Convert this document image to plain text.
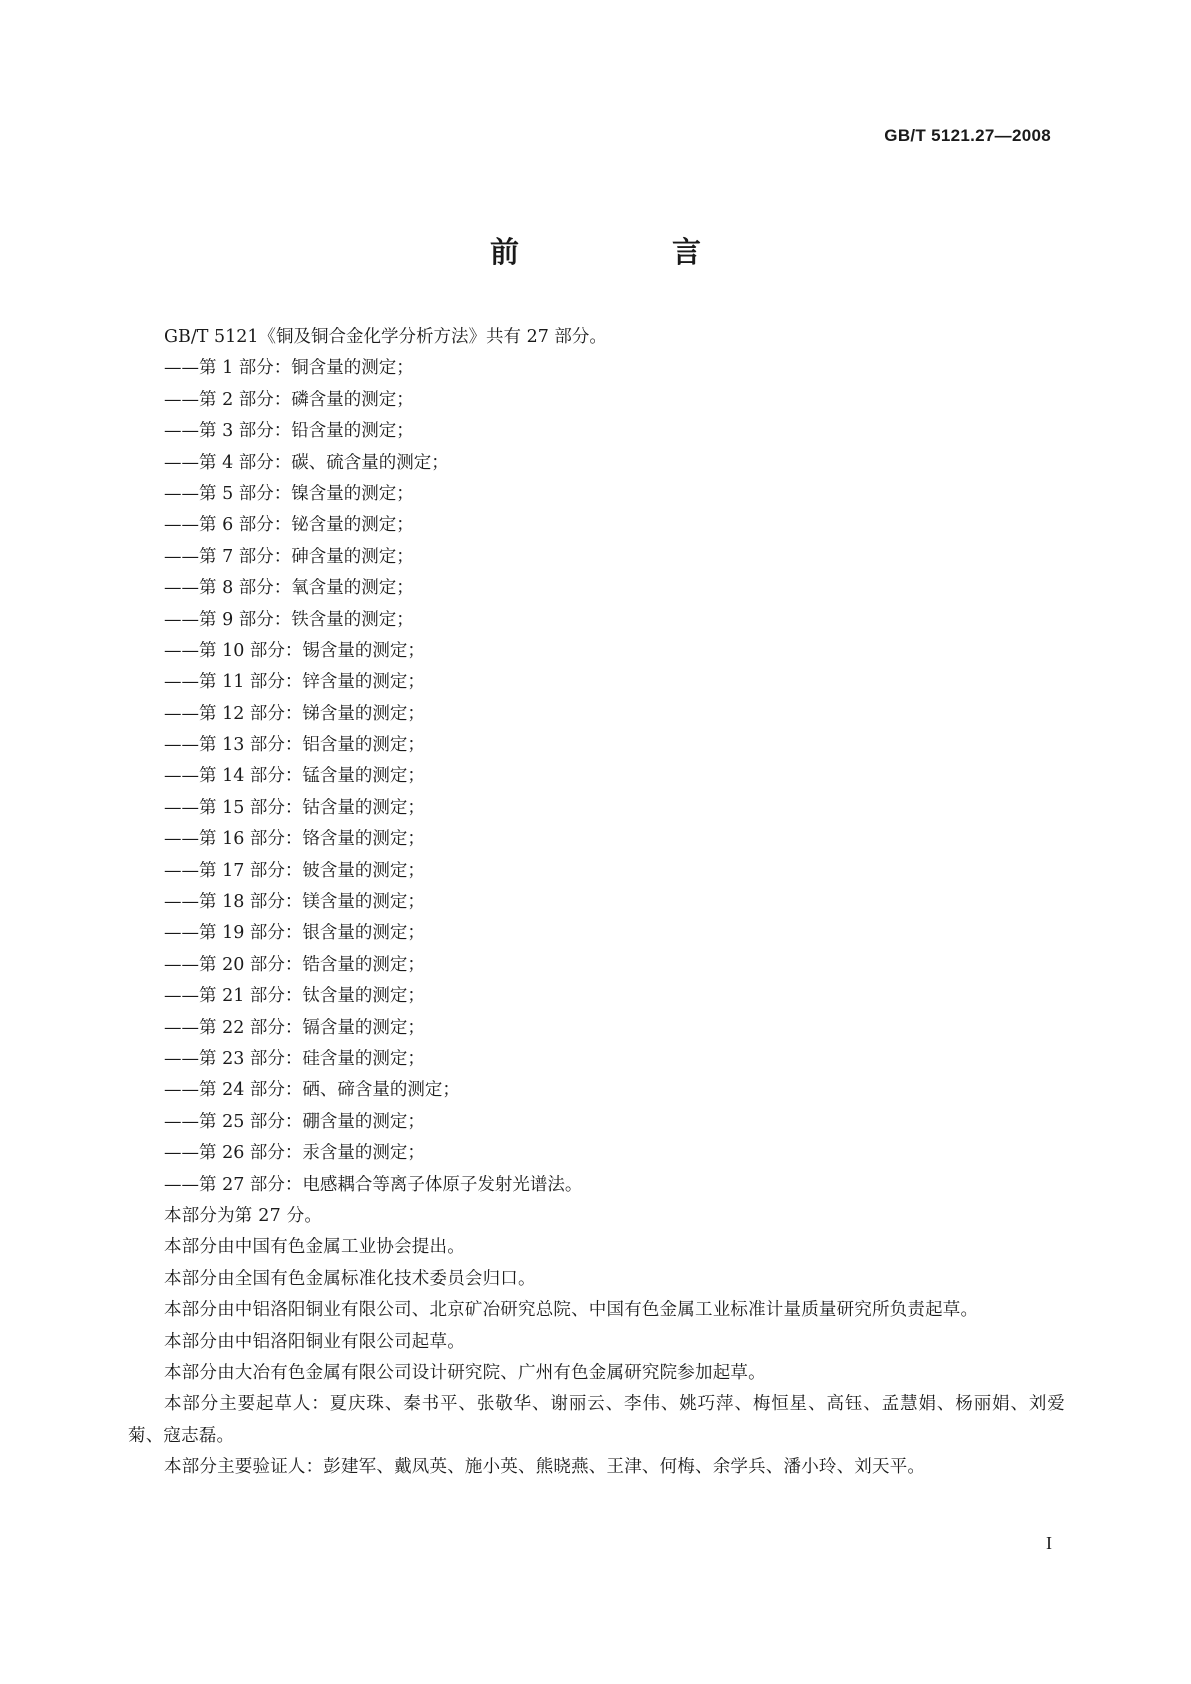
GB/T 5121.27—2008
前　言
GB/T 5121《铜及铜合金化学分析方法》共有 27 部分。
——第 1 部分：铜含量的测定；
——第 2 部分：磷含量的测定；
——第 3 部分：铅含量的测定；
——第 4 部分：碳、硫含量的测定；
——第 5 部分：镍含量的测定；
——第 6 部分：铋含量的测定；
——第 7 部分：砷含量的测定；
——第 8 部分：氧含量的测定；
——第 9 部分：铁含量的测定；
——第 10 部分：锡含量的测定；
——第 11 部分：锌含量的测定；
——第 12 部分：锑含量的测定；
——第 13 部分：铝含量的测定；
——第 14 部分：锰含量的测定；
——第 15 部分：钴含量的测定；
——第 16 部分：铬含量的测定；
——第 17 部分：铍含量的测定；
——第 18 部分：镁含量的测定；
——第 19 部分：银含量的测定；
——第 20 部分：锆含量的测定；
——第 21 部分：钛含量的测定；
——第 22 部分：镉含量的测定；
——第 23 部分：硅含量的测定；
——第 24 部分：硒、碲含量的测定；
——第 25 部分：硼含量的测定；
——第 26 部分：汞含量的测定；
——第 27 部分：电感耦合等离子体原子发射光谱法。
本部分为第 27 分。
本部分由中国有色金属工业协会提出。
本部分由全国有色金属标准化技术委员会归口。
本部分由中铝洛阳铜业有限公司、北京矿冶研究总院、中国有色金属工业标准计量质量研究所负责起草。
本部分由中铝洛阳铜业有限公司起草。
本部分由大冶有色金属有限公司设计研究院、广州有色金属研究院参加起草。
本部分主要起草人：夏庆珠、秦书平、张敬华、谢丽云、李伟、姚巧萍、梅恒星、高钰、孟慧娟、杨丽娟、刘爱菊、寇志磊。
本部分主要验证人：彭建军、戴凤英、施小英、熊晓燕、王津、何梅、余学兵、潘小玲、刘天平。
I
